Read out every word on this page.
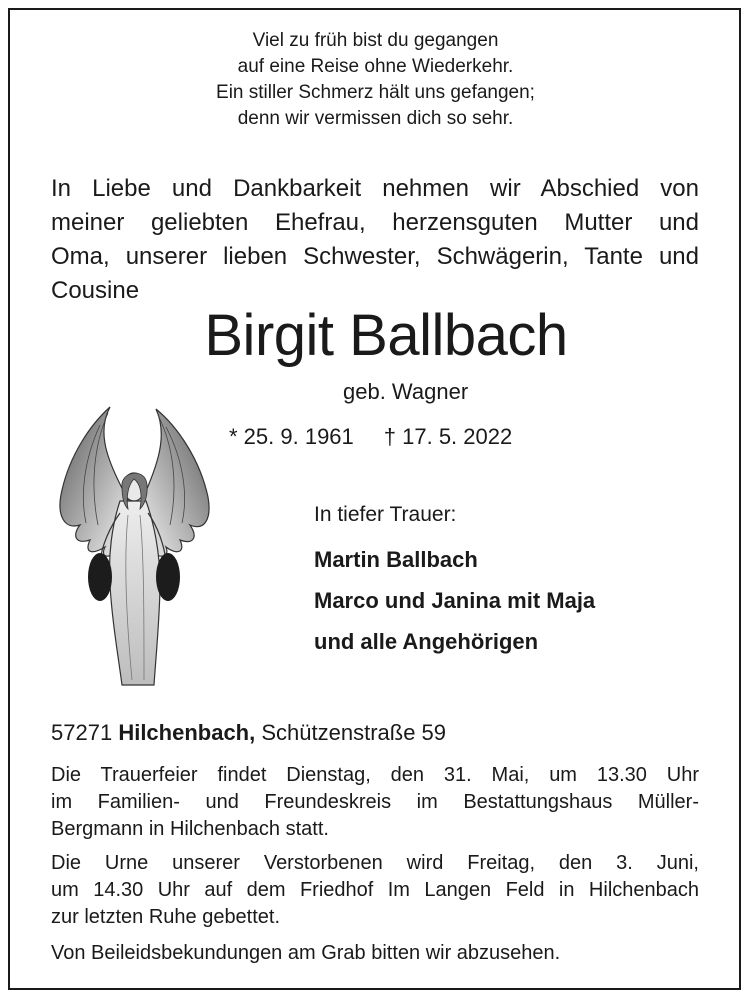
Viel zu früh bist du gegangen
auf eine Reise ohne Wiederkehr.
Ein stiller Schmerz hält uns gefangen;
denn wir vermissen dich so sehr.
In Liebe und Dankbarkeit nehmen wir Abschied von
meiner geliebten Ehefrau, herzensguten Mutter und
Oma, unserer lieben Schwester, Schwägerin, Tante und
Cousine
Birgit Ballbach
geb. Wagner
* 25. 9. 1961 † 17. 5. 2022
In tiefer Trauer:
Martin Ballbach
Marco und Janina mit Maja
und alle Angehörigen
57271 Hilchenbach, Schützenstraße 59
Die Trauerfeier findet Dienstag, den 31. Mai, um 13.30 Uhr
im Familien- und Freundeskreis im Bestattungshaus Müller-
Bergmann in Hilchenbach statt.
Die Urne unserer Verstorbenen wird Freitag, den 3. Juni,
um 14.30 Uhr auf dem Friedhof Im Langen Feld in Hilchenbach
zur letzten Ruhe gebettet.
Von Beileidsbekundungen am Grab bitten wir abzusehen.
